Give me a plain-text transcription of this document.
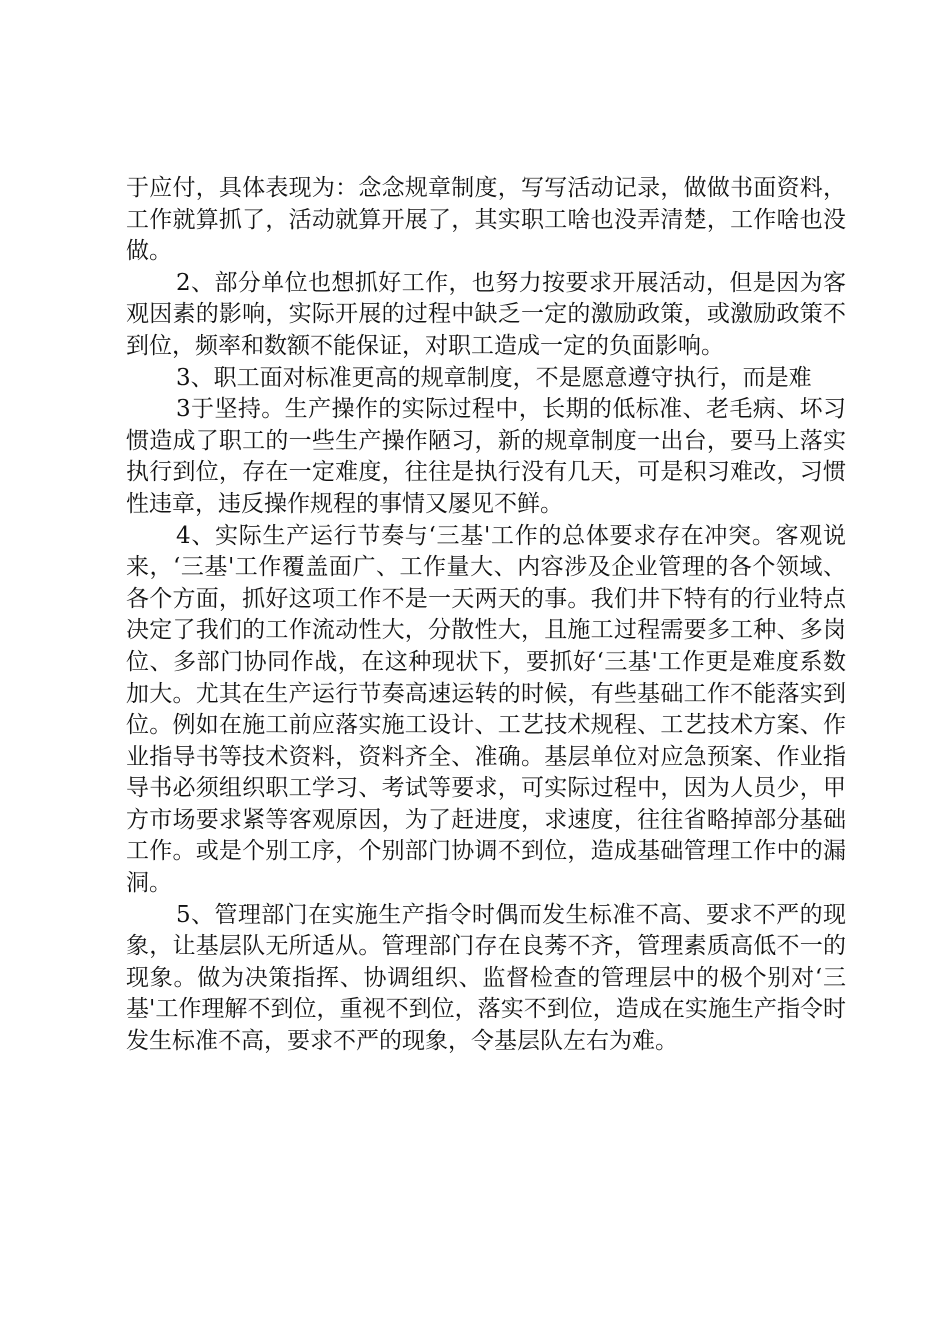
于应付，具体表现为：念念规章制度，写写活动记录，做做书面资料，工作就算抓了，活动就算开展了，其实职工啥也没弄清楚，工作啥也没做。

2、部分单位也想抓好工作，也努力按要求开展活动，但是因为客观因素的影响，实际开展的过程中缺乏一定的激励政策，或激励政策不到位，频率和数额不能保证，对职工造成一定的负面影响。

3、职工面对标准更高的规章制度，不是愿意遵守执行，而是难

3于坚持。生产操作的实际过程中，长期的低标准、老毛病、坏习惯造成了职工的一些生产操作陋习，新的规章制度一出台，要马上落实执行到位，存在一定难度，往往是执行没有几天，可是积习难改，习惯性违章，违反操作规程的事情又屡见不鲜。

4、实际生产运行节奏与‘三基'工作的总体要求存在冲突。客观说来，‘三基'工作覆盖面广、工作量大、内容涉及企业管理的各个领域、各个方面，抓好这项工作不是一天两天的事。我们井下特有的行业特点决定了我们的工作流动性大，分散性大，且施工过程需要多工种、多岗位、多部门协同作战，在这种现状下，要抓好‘三基'工作更是难度系数加大。尤其在生产运行节奏高速运转的时候，有些基础工作不能落实到位。例如在施工前应落实施工设计、工艺技术规程、工艺技术方案、作业指导书等技术资料，资料齐全、准确。基层单位对应急预案、作业指导书必须组织职工学习、考试等要求，可实际过程中，因为人员少，甲方市场要求紧等客观原因，为了赶进度，求速度，往往省略掉部分基础工作。或是个别工序，个别部门协调不到位，造成基础管理工作中的漏洞。

5、管理部门在实施生产指令时偶而发生标准不高、要求不严的现象，让基层队无所适从。管理部门存在良莠不齐，管理素质高低不一的现象。做为决策指挥、协调组织、监督检查的管理层中的极个别对‘三基'工作理解不到位，重视不到位，落实不到位，造成在实施生产指令时发生标准不高，要求不严的现象，令基层队左右为难。
